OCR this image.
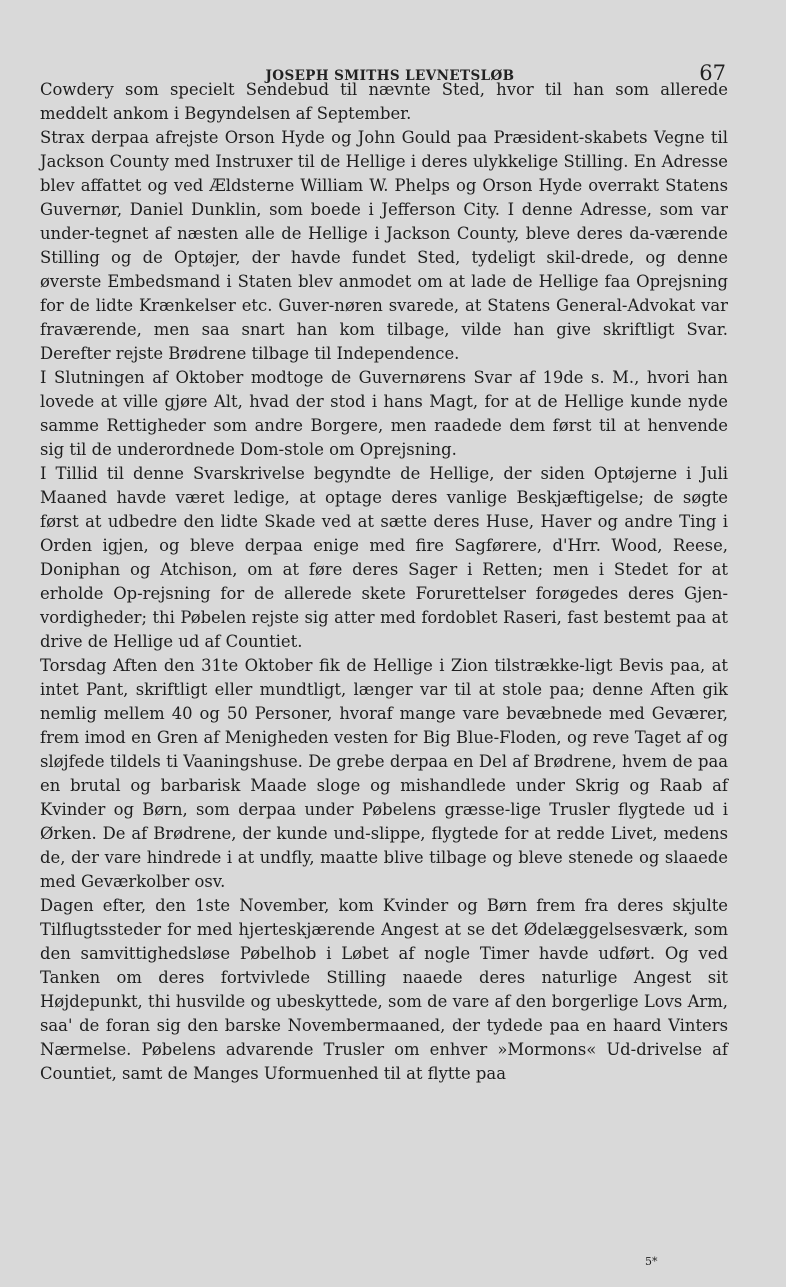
JOSEPH SMITHS LEVNETSLØB	67

Cowdery som specielt Sendebud til nævnte Sted, hvor til han som allerede meddelt ankom i Begyndelsen af September.

Strax derpaa afrejste Orson Hyde og John Gould paa Præsident-skabets Vegne til Jackson County med Instruxer til de Hellige i deres ulykkelige Stilling. En Adresse blev affattet og ved Ældsterne William W. Phelps og Orson Hyde overrakt Statens Guvernør, Daniel Dunklin, som boede i Jefferson City. I denne Adresse, som var under-tegnet af næsten alle de Hellige i Jackson County, bleve deres da-værende Stilling og de Optøjer, der havde fundet Sted, tydeligt skil-drede, og denne øverste Embedsmand i Staten blev anmodet om at lade de Hellige faa Oprejsning for de lidte Krænkelser etc. Guver-nøren svarede, at Statens General-Advokat var fraværende, men saa snart han kom tilbage, vilde han give skriftligt Svar. Derefter rejste Brødrene tilbage til Independence.

I Slutningen af Oktober modtoge de Guvernørens Svar af 19de s. M., hvori han lovede at ville gjøre Alt, hvad der stod i hans Magt, for at de Hellige kunde nyde samme Rettigheder som andre Borgere, men raadede dem først til at henvende sig til de underordnede Dom-stole om Oprejsning.

I Tillid til denne Svarskrivelse begyndte de Hellige, der siden Optøjerne i Juli Maaned havde været ledige, at optage deres vanlige Beskjæftigelse; de søgte først at udbedre den lidte Skade ved at sætte deres Huse, Haver og andre Ting i Orden igjen, og bleve derpaa enige med fire Sagførere, d'Hrr. Wood, Reese, Doniphan og Atchison, om at føre deres Sager i Retten; men i Stedet for at erholde Op-rejsning for de allerede skete Forurettelser forøgedes deres Gjen-vordigheder; thi Pøbelen rejste sig atter med fordoblet Raseri, fast bestemt paa at drive de Hellige ud af Countiet.

Torsdag Aften den 31te Oktober fik de Hellige i Zion tilstrække-ligt Bevis paa, at intet Pant, skriftligt eller mundtligt, længer var til at stole paa; denne Aften gik nemlig mellem 40 og 50 Personer, hvoraf mange vare bevæbnede med Geværer, frem imod en Gren af Menigheden vesten for Big Blue-Floden, og reve Taget af og sløjfede tildels ti Vaaningshuse. De grebe derpaa en Del af Brødrene, hvem de paa en brutal og barbarisk Maade sloge og mishandlede under Skrig og Raab af Kvinder og Børn, som derpaa under Pøbelens græsse-lige Trusler flygtede ud i Ørken. De af Brødrene, der kunde und-slippe, flygtede for at redde Livet, medens de, der vare hindrede i at undfly, maatte blive tilbage og bleve stenede og slaaede med Geværkolber osv.

Dagen efter, den 1ste November, kom Kvinder og Børn frem fra deres skjulte Tilflugtssteder for med hjerteskjærende Angest at se det Ødelæggelsesværk, som den samvittighedsløse Pøbelhob i Løbet af nogle Timer havde udført. Og ved Tanken om deres fortvivlede Stilling naaede deres naturlige Angest sit Højdepunkt, thi husvilde og ubeskyttede, som de vare af den borgerlige Lovs Arm, saa' de foran sig den barske Novembermaaned, der tydede paa en haard Vinters Nærmelse. Pøbelens advarende Trusler om enhver »Mormons« Ud-drivelse af Countiet, samt de Manges Uformuenhed til at flytte paa

5*
